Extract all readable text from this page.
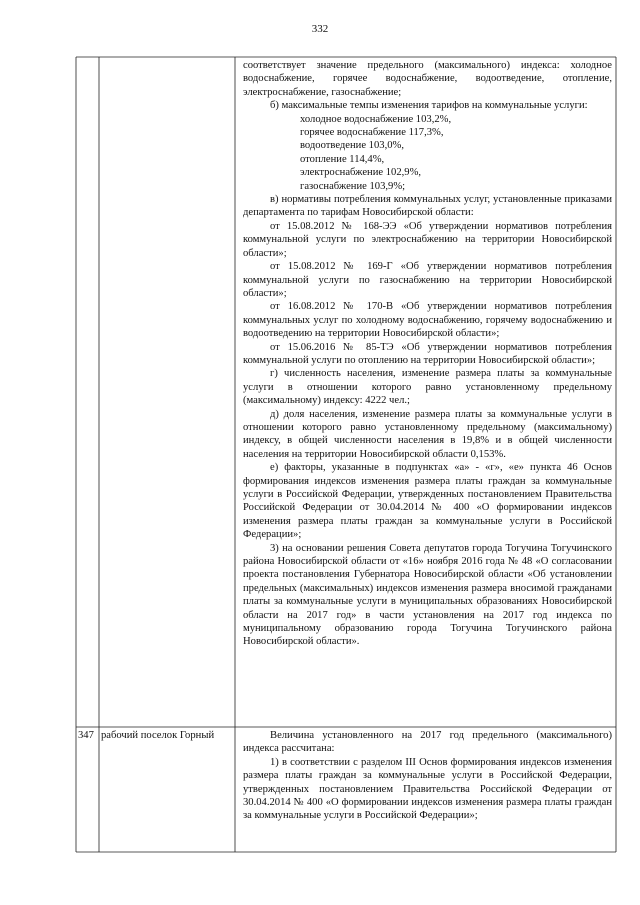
332

соответствует значение предельного (максимального) индекса: холодное водоснабжение, горячее водоснабжение, водоотведение, отопление, электроснабжение, газоснабжение;

б) максимальные темпы изменения тарифов на коммунальные услуги:

холодное водоснабжение 103,2%,

горячее водоснабжение 117,3%,

водоотведение 103,0%,

отопление 114,4%,

электроснабжение 102,9%,

газоснабжение 103,9%;

в) нормативы потребления коммунальных услуг, установленные приказами департамента по тарифам Новосибирской области:

от 15.08.2012 № 168-ЭЭ «Об утверждении нормативов потребления коммунальной услуги по электроснабжению на территории Новосибирской области»;

от 15.08.2012 № 169-Г «Об утверждении нормативов потребления коммунальной услуги по газоснабжению на территории Новосибирской области»;

от 16.08.2012 № 170-В «Об утверждении нормативов потребления коммунальных услуг по холодному водоснабжению, горячему водоснабжению и водоотведению на территории Новосибирской области»;

от 15.06.2016 № 85-ТЭ «Об утверждении нормативов потребления коммунальной услуги по отоплению на территории Новосибирской области»;

г) численность населения, изменение размера платы за коммунальные услуги в отношении которого равно установленному предельному (максимальному) индексу: 4222 чел.;

д) доля населения, изменение размера платы за коммунальные услуги в отношении которого равно установленному предельному (максимальному) индексу, в общей численности населения в 19,8% и в общей численности населения на территории Новосибирской области 0,153%.

е) факторы, указанные в подпунктах «а» - «г», «е» пункта 46 Основ формирования индексов изменения размера платы граждан за коммунальные услуги в Российской Федерации, утвержденных постановлением Правительства Российской Федерации от 30.04.2014 № 400 «О формировании индексов изменения размера платы граждан за коммунальные услуги в Российской Федерации»;

3) на основании решения Совета депутатов города Тогучина Тогучинского района Новосибирской области от «16» ноября 2016 года № 48 «О согласовании проекта постановления Губернатора Новосибирской области «Об установлении предельных (максимальных) индексов изменения размера вносимой гражданами платы за коммунальные услуги в муниципальных образованиях Новосибирской области на 2017 год» в части установления на 2017 год индекса по муниципальному образованию города Тогучина Тогучинского района Новосибирской области».

347 рабочий поселок Горный	Величина установленного на 2017 год предельного (максимального) индекса рассчитана:

1) в соответствии с разделом III Основ формирования индексов изменения размера платы граждан за коммунальные услуги в Российской Федерации, утвержденных постановлением Правительства Российской Федерации от 30.04.2014 № 400 «О формировании индексов изменения размера платы граждан за коммунальные услуги в Российской Федерации»;
